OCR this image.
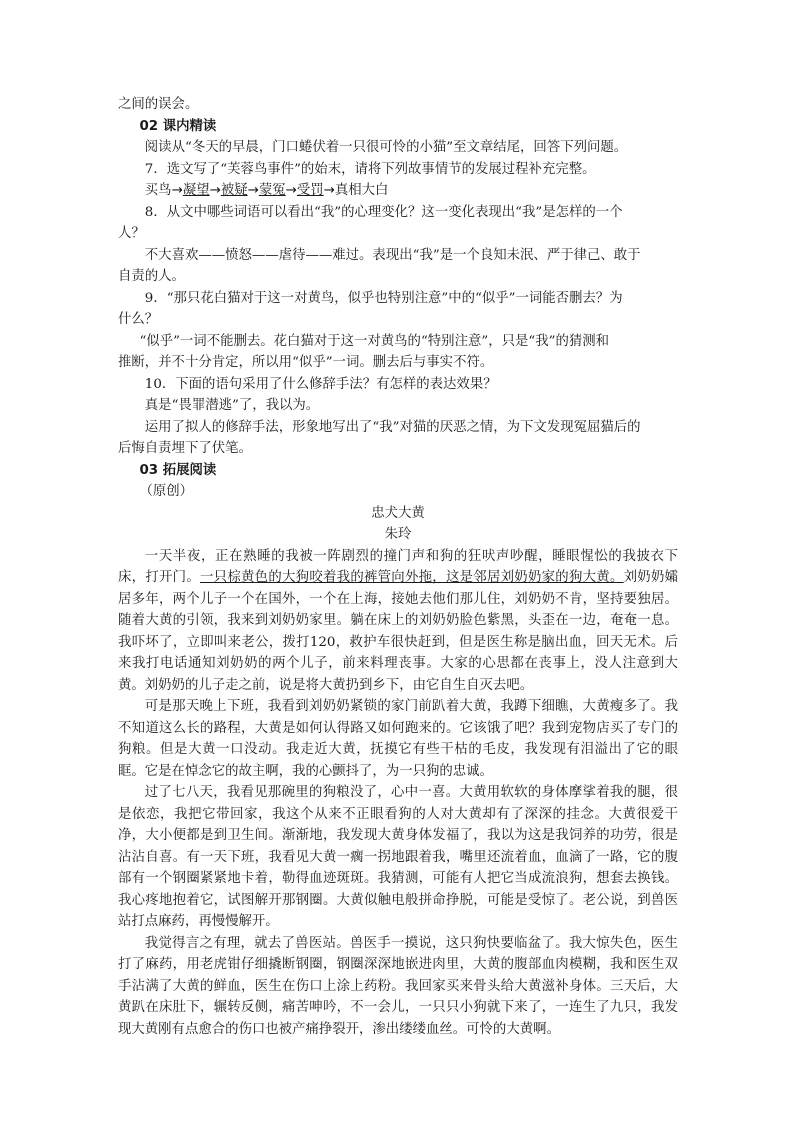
之间的误会。

02 课内精读

阅读从“冬天的早晨，门口蜷伏着一只很可怜的小猫”至文章结尾，回答下列问题。

7．选文写了“芙蓉鸟事件”的始末，请将下列故事情节的发展过程补充完整。

买鸟→凝望→被疑→蒙冤→受罚→真相大白

8．从文中哪些词语可以看出“我”的心理变化？这一变化表现出“我”是怎样的一个

人？

不大喜欢——愤怒——虐待——难过。表现出“我”是一个良知未泯、严于律己、敢于

自责的人。

9．“那只花白猫对于这一对黄鸟，似乎也特别注意”中的“似乎”一词能否删去？为

什么？

“似乎”一词不能删去。花白猫对于这一对黄鸟的“特别注意”，只是“我”的猜测和

推断，并不十分肯定，所以用“似乎”一词。删去后与事实不符。

10．下面的语句采用了什么修辞手法？有怎样的表达效果？

真是“畏罪潜逃”了，我以为。

运用了拟人的修辞手法，形象地写出了“我”对猫的厌恶之情，为下文发现冤屈猫后的

后悔自责埋下了伏笔。

03 拓展阅读

（原创）

忠犬大黄

朱玲

一天半夜，正在熟睡的我被一阵剧烈的撞门声和狗的狂吠声吵醒，睡眼惺忪的我披衣下床，打开门。一只棕黄色的大狗咬着我的裤管向外拖，这是邻居刘奶奶家的狗大黄。刘奶奶孀居多年，两个儿子一个在国外，一个在上海，接她去他们那儿住，刘奶奶不肯，坚持要独居。随着大黄的引领，我来到刘奶奶家里。躺在床上的刘奶奶脸色紫黑，头歪在一边，奄奄一息。我吓坏了，立即叫来老公，拨打120，救护车很快赶到，但是医生称是脑出血，回天无术。后来我打电话通知刘奶奶的两个儿子，前来料理丧事。大家的心思都在丧事上，没人注意到大黄。刘奶奶的儿子走之前，说是将大黄扔到乡下，由它自生自灭去吧。

可是那天晚上下班，我看到刘奶奶紧锁的家门前趴着大黄，我蹲下细瞧，大黄瘦多了。我不知道这么长的路程，大黄是如何认得路又如何跑来的。它该饿了吧？我到宠物店买了专门的狗粮。但是大黄一口没动。我走近大黄，抚摸它有些干枯的毛皮，我发现有泪溢出了它的眼眶。它是在悼念它的故主啊，我的心颤抖了，为一只狗的忠诚。

过了七八天，我看见那碗里的狗粮没了，心中一喜。大黄用软软的身体摩挲着我的腿，很是依恋，我把它带回家，我这个从来不正眼看狗的人对大黄却有了深深的挂念。大黄很爱干净，大小便都是到卫生间。渐渐地，我发现大黄身体发福了，我以为这是我饲养的功劳，很是沾沾自喜。有一天下班，我看见大黄一瘸一拐地跟着我，嘴里还流着血，血滴了一路，它的腹部有一个钢圈紧紧地卡着，勒得血迹斑斑。我猜测，可能有人把它当成流浪狗，想套去换钱。我心疼地抱着它，试图解开那钢圈。大黄似触电般拼命挣脱，可能是受惊了。老公说，到兽医站打点麻药，再慢慢解开。

我觉得言之有理，就去了兽医站。兽医手一摸说，这只狗快要临盆了。我大惊失色，医生打了麻药，用老虎钳仔细撬断钢圈，钢圈深深地嵌进肉里，大黄的腹部血肉模糊，我和医生双手沾满了大黄的鲜血，医生在伤口上涂上药粉。我回家买来骨头给大黄滋补身体。三天后，大黄趴在床肚下，辗转反侧，痛苦呻吟，不一会儿，一只只小狗就下来了，一连生了九只，我发现大黄刚有点愈合的伤口也被产痛挣裂开，渗出缕缕血丝。可怜的大黄啊。
